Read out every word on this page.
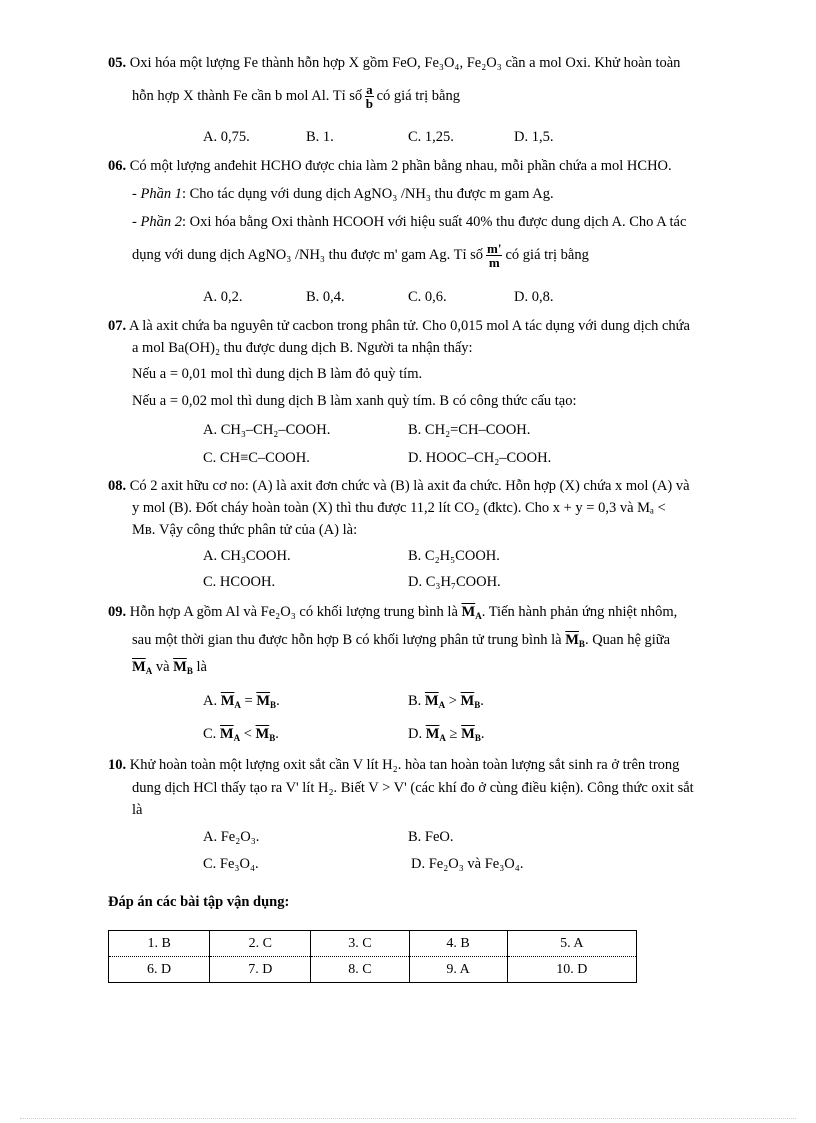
05. Oxi hóa một lượng Fe thành hỗn hợp X gồm FeO, Fe₃O₄, Fe₂O₃ cần a mol Oxi. Khử hoàn toàn
hỗn hợp X thành Fe cần b mol Al. Tỉ số $\frac{a}{b}$ có giá trị bằng
A. 0,75.	B. 1.	C. 1,25.	D. 1,5.
06. Có một lượng anđehit HCHO được chia làm 2 phần bằng nhau, mỗi phần chứa a mol HCHO.
- Phần 1: Cho tác dụng với dung dịch AgNO₃ /NH₃ thu được m gam Ag.
- Phần 2: Oxi hóa bằng Oxi thành HCOOH với hiệu suất 40% thu được dung dịch A. Cho A tác
dụng với dung dịch AgNO₃ /NH₃ thu được m' gam Ag. Tỉ số $\frac{m'}{m}$ có giá trị bằng
A. 0,2.	B. 0,4.	C. 0,6.	D. 0,8.
07. A là axit chứa ba nguyên tử cacbon trong phân tử. Cho 0,015 mol A tác dụng với dung dịch chứa
a mol Ba(OH)₂ thu được dung dịch B. Người ta nhận thấy:
Nếu a = 0,01 mol thì dung dịch B làm đỏ quỳ tím.
Nếu a = 0,02 mol thì dung dịch B làm xanh quỳ tím. B có công thức cấu tạo:
A. CH₃–CH₂–COOH.	B. CH₂=CH–COOH.
C. CH≡C–COOH.	D. HOOC–CH₂–COOH.
08. Có 2 axit hữu cơ no: (A) là axit đơn chức và (B) là axit đa chức. Hỗn hợp (X) chứa x mol (A) và
y mol (B). Đốt cháy hoàn toàn (X) thì thu được 11,2 lít CO₂ (đktc). Cho x + y = 0,3 và Mₐ <
Mв. Vậy công thức phân tử của (A) là:
A. CH₃COOH.	B. C₂H₅COOH.
C. HCOOH.	D. C₃H₇COOH.
09. Hỗn hợp A gồm Al và Fe₂O₃ có khối lượng trung bình là $\overline{M}_A$. Tiến hành phản ứng nhiệt nhôm,
sau một thời gian thu được hỗn hợp B có khối lượng phân tử trung bình là $\overline{M}_B$. Quan hệ giữa
$\overline{M}_A$ và $\overline{M}_B$ là
A. $\overline{M}_A = \overline{M}_B$.	B. $\overline{M}_A > \overline{M}_B$.
C. $\overline{M}_A < \overline{M}_B$.	D. $\overline{M}_A \ge \overline{M}_B$.
10. Khử hoàn toàn một lượng oxit sắt cần V lít H₂. hòa tan hoàn toàn lượng sắt sinh ra ở trên trong
dung dịch HCl thấy tạo ra V' lít H₂. Biết V > V' (các khí đo ở cùng điều kiện). Công thức oxit sắt
là
A. Fe₂O₃.	B. FeO.
C. Fe₃O₄.	D. Fe₂O₃ và Fe₃O₄.
Đáp án các bài tập vận dụng:
1. B	2. C	3. C	4. B	5. A
6. D	7. D	8. C	9. A	10. D
